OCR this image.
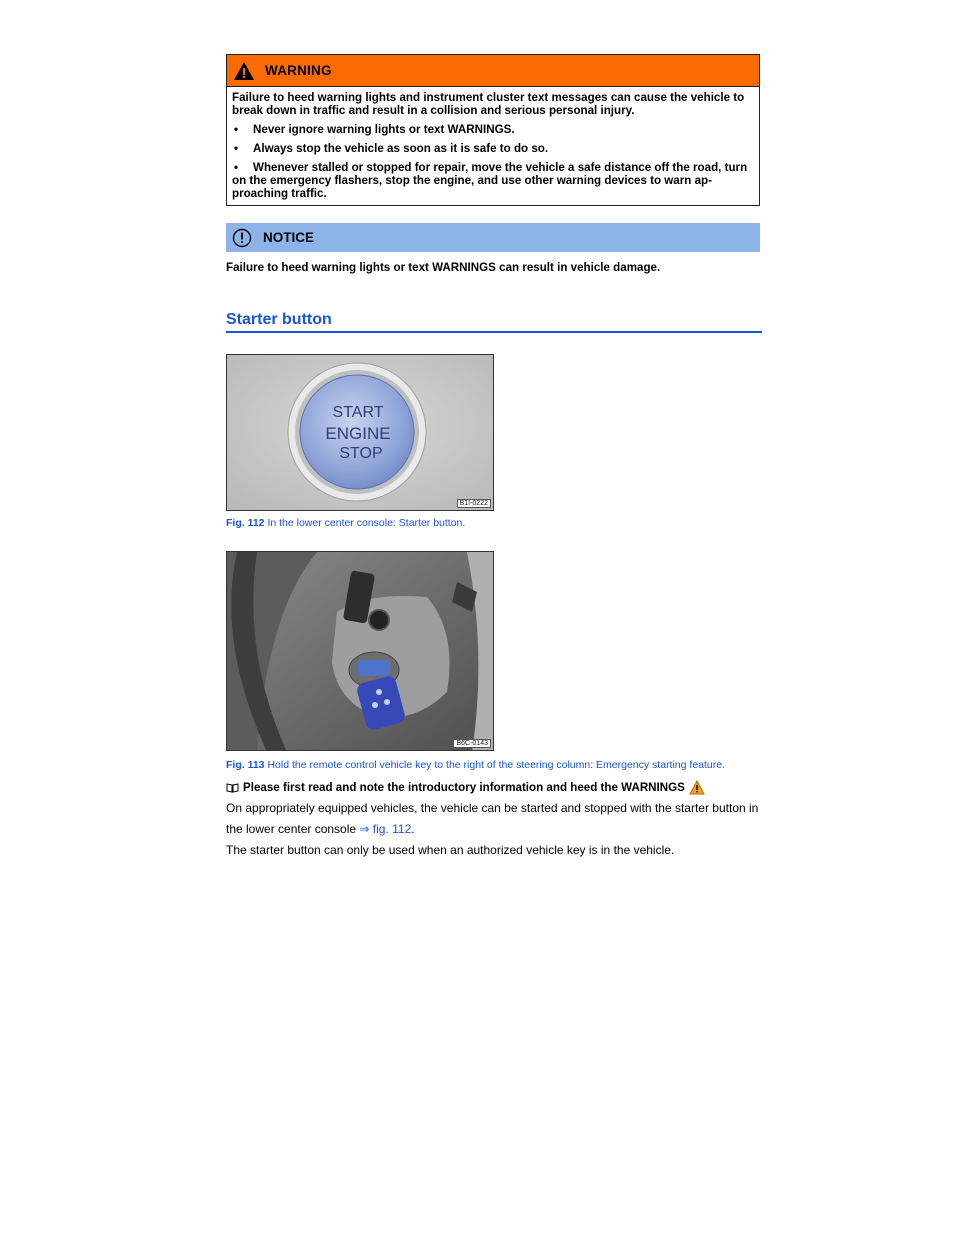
WARNING

Failure to heed warning lights and instrument cluster text messages can cause the vehicle to break down in traffic and result in a collision and serious personal injury.

• Never ignore warning lights or text WARNINGS.
• Always stop the vehicle as soon as it is safe to do so.
• Whenever stalled or stopped for repair, move the vehicle a safe distance off the road, turn on the emergency flashers, stop the engine, and use other warning devices to warn approaching traffic.
NOTICE
Failure to heed warning lights or text WARNINGS can result in vehicle damage.
Starter button
START
ENGINE
STOP
B1I-0222
Fig. 112 In the lower center console: Starter button.
B6C-0143
Fig. 113 Hold the remote control vehicle key to the right of the steering column: Emergency starting feature.
Please first read and note the introductory information and heed the WARNINGS
On appropriately equipped vehicles, the vehicle can be started and stopped with the starter button in the lower center console ⇒ fig. 112.
The starter button can only be used when an authorized vehicle key is in the vehicle.
